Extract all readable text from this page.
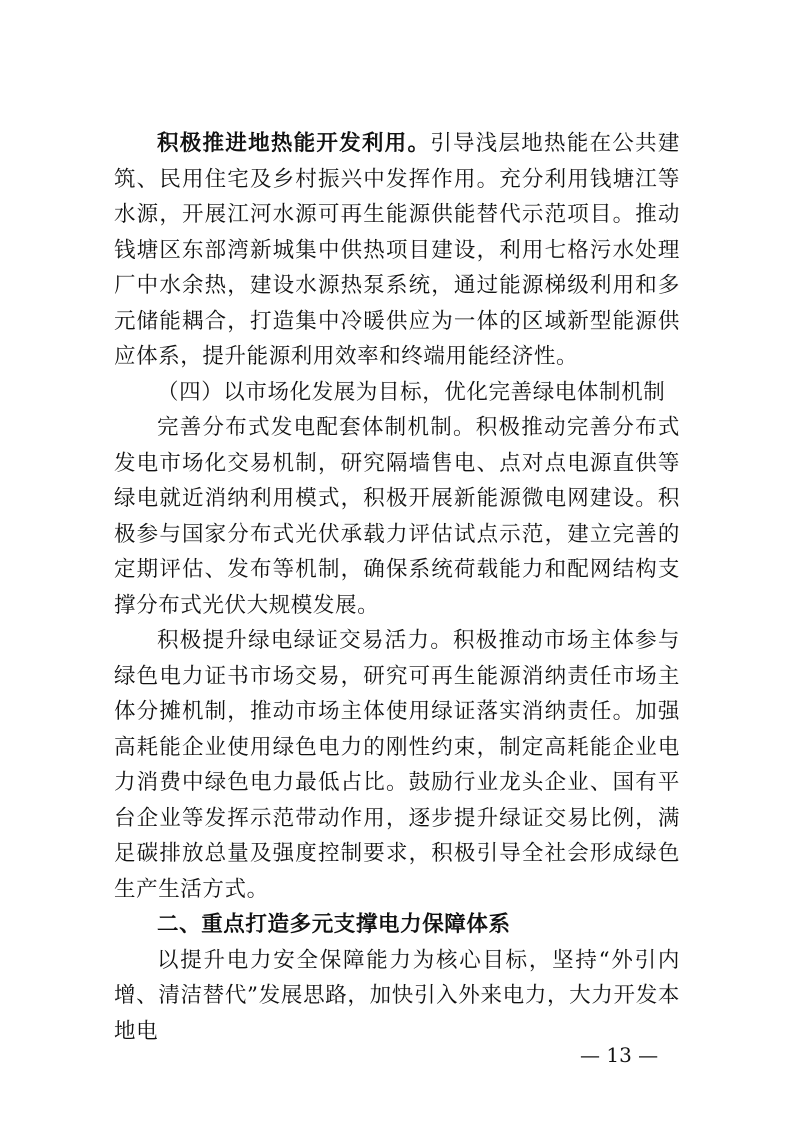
积极推进地热能开发利用。引导浅层地热能在公共建筑、民用住宅及乡村振兴中发挥作用。充分利用钱塘江等水源，开展江河水源可再生能源供能替代示范项目。推动钱塘区东部湾新城集中供热项目建设，利用七格污水处理厂中水余热，建设水源热泵系统，通过能源梯级利用和多元储能耦合，打造集中冷暖供应为一体的区域新型能源供应体系，提升能源利用效率和终端用能经济性。

（四）以市场化发展为目标，优化完善绿电体制机制

完善分布式发电配套体制机制。积极推动完善分布式发电市场化交易机制，研究隔墙售电、点对点电源直供等绿电就近消纳利用模式，积极开展新能源微电网建设。积极参与国家分布式光伏承载力评估试点示范，建立完善的定期评估、发布等机制，确保系统荷载能力和配网结构支撑分布式光伏大规模发展。

积极提升绿电绿证交易活力。积极推动市场主体参与绿色电力证书市场交易，研究可再生能源消纳责任市场主体分摊机制，推动市场主体使用绿证落实消纳责任。加强高耗能企业使用绿色电力的刚性约束，制定高耗能企业电力消费中绿色电力最低占比。鼓励行业龙头企业、国有平台企业等发挥示范带动作用，逐步提升绿证交易比例，满足碳排放总量及强度控制要求，积极引导全社会形成绿色生产生活方式。

二、重点打造多元支撑电力保障体系

以提升电力安全保障能力为核心目标，坚持“外引内增、清洁替代”发展思路，加快引入外来电力，大力开发本地电

— 13 —
